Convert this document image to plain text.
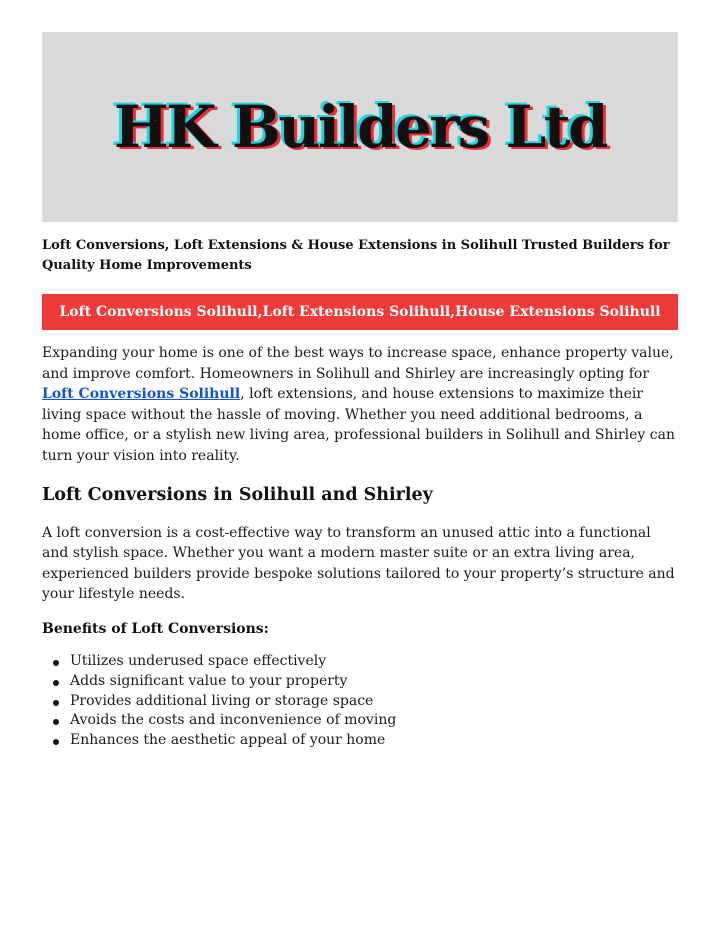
HK Builders Ltd
Loft Conversions, Loft Extensions & House Extensions in Solihull Trusted Builders for Quality Home Improvements
Loft Conversions Solihull,Loft Extensions Solihull,House Extensions Solihull

Expanding your home is one of the best ways to increase space, enhance property value, and improve comfort. Homeowners in Solihull and Shirley are increasingly opting for Loft Conversions Solihull, loft extensions, and house extensions to maximize their living space without the hassle of moving. Whether you need additional bedrooms, a home office, or a stylish new living area, professional builders in Solihull and Shirley can turn your vision into reality.

Loft Conversions in Solihull and Shirley

A loft conversion is a cost-effective way to transform an unused attic into a functional and stylish space. Whether you want a modern master suite or an extra living area, experienced builders provide bespoke solutions tailored to your property’s structure and your lifestyle needs.

Benefits of Loft Conversions:
Utilizes underused space effectively
Adds significant value to your property
Provides additional living or storage space
Avoids the costs and inconvenience of moving
Enhances the aesthetic appeal of your home
